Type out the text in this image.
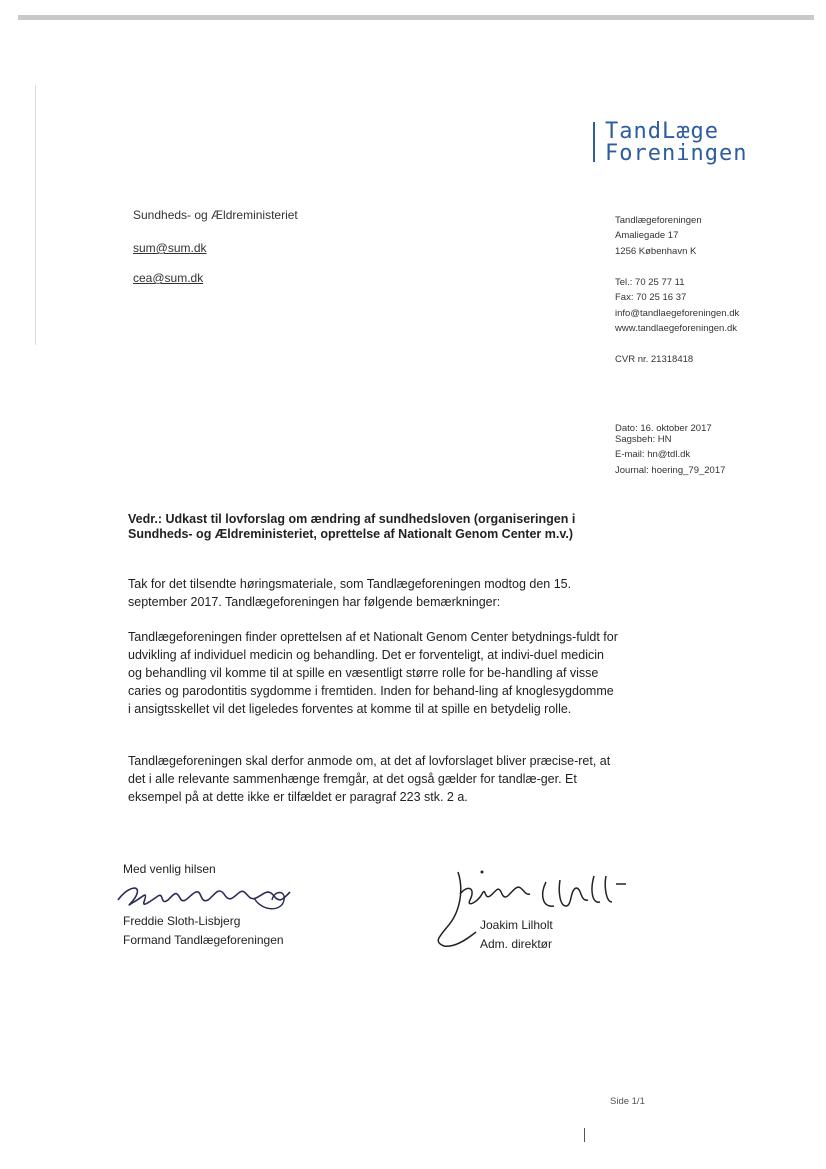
TandLæge
Foreningen
Sundheds- og Ældreministeriet
sum@sum.dk
cea@sum.dk
Tandlægeforeningen
Amaliegade 17
1256 København K
Tel.: 70 25 77 11
Fax: 70 25 16 37
info@tandlaegeforeningen.dk
www.tandlaegeforeningen.dk
CVR nr. 21318418
Dato: 16. oktober 2017
Sagsbeh: HN
E-mail: hn@tdl.dk
Journal: hoering_79_2017
Vedr.: Udkast til lovforslag om ændring af sundhedsloven (organiseringen i Sundheds- og Ældreministeriet, oprettelse af Nationalt Genom Center m.v.)

Tak for det tilsendte høringsmateriale, som Tandlægeforeningen modtog den 15. september 2017. Tandlægeforeningen har følgende bemærkninger:

Tandlægeforeningen finder oprettelsen af et Nationalt Genom Center betydnings-fuldt for udvikling af individuel medicin og behandling. Det er forventeligt, at indivi-duel medicin og behandling vil komme til at spille en væsentligt større rolle for be-handling af visse caries og parodontitis sygdomme i fremtiden. Inden for behand-ling af knoglesygdomme i ansigtsskellet vil det ligeledes forventes at komme til at spille en betydelig rolle.

Tandlægeforeningen skal derfor anmode om, at det af lovforslaget bliver præcise-ret, at det i alle relevante sammenhænge fremgår, at det også gælder for tandlæ-ger. Et eksempel på at dette ikke er tilfældet er paragraf 223 stk. 2 a.

Med venlig hilsen
Freddie Sloth-Lisbjerg
Formand Tandlægeforeningen
Joakim Lilholt
Adm. direktør
Side 1/1
